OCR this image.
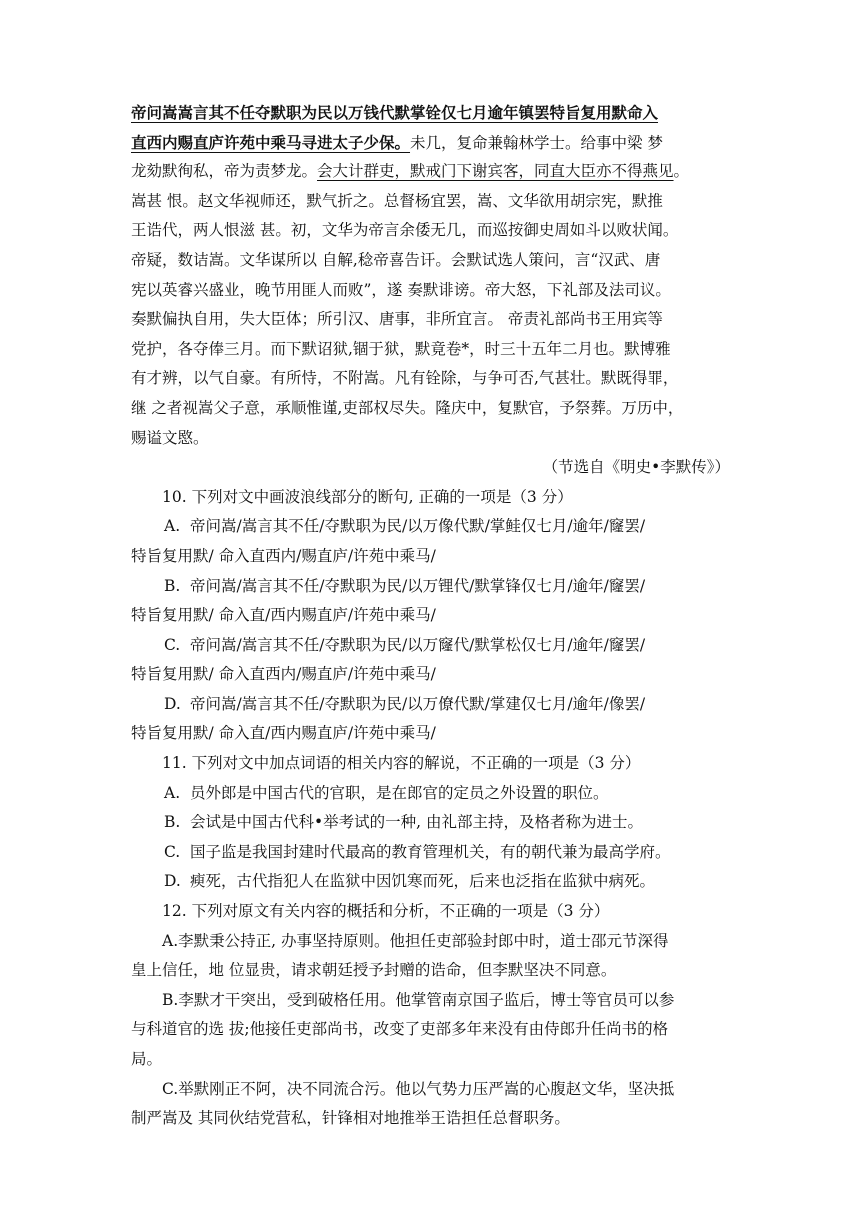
帝问嵩嵩言其不任夺默职为民以万钱代默掌铨仅七月逾年镇罢特旨复用默命入
直西内赐直庐许苑中乘马寻进太子少保。未几，复命兼翰林学士。给事中梁 梦
龙劾默徇私，帝为责梦龙。会大计群吏，默戒门下谢宾客，同直大臣亦不得燕见。
嵩甚 恨。赵文华视师还，默气折之。总督杨宜罢，嵩、文华欲用胡宗宪，默推
王诰代，两人恨滋 甚。初，文华为帝言余倭无几，而巡按御史周如斗以败状闻。
帝疑，数诘嵩。文华谋所以 自解,稔帝喜告讦。会默试选人策问，言“汉武、唐
宪以英睿兴盛业，晚节用匪人而败”，遂 奏默诽谤。帝大怒，下礼部及法司议。
奏默偏执自用，失大臣体；所引汉、唐事，非所宜言。 帝责礼部尚书王用宾等
党护，各夺俸三月。而下默诏狱,锢于狱，默竟卷*，时三十五年二月也。默博雅
有才辨，以气自豪。有所恃，不附嵩。凡有铨除，与争可否,气甚壮。默既得罪，
继 之者视嵩父子意，承顺惟谨,吏部权尽失。隆庆中，复默官，予祭葬。万历中，
赐谥文愍。
（节选自《明史•李默传》）
10. 下列对文中画波浪线部分的断句, 正确的一项是（3 分）
A. 帝问嵩/嵩言其不任/夺默职为民/以万像代默/掌鲑仅七月/逾年/窿罢/
特旨复用默/ 命入直西内/赐直庐/许苑中乘马/
B. 帝问嵩/嵩言其不任/夺默职为民/以万锂代/默掌锋仅七月/逾年/窿罢/
特旨复用默/ 命入直/西内赐直庐/许苑中乘马/
C. 帝问嵩/嵩言其不任/夺默职为民/以万窿代/默掌松仅七月/逾年/窿罢/
特旨复用默/ 命入直西内/赐直庐/许苑中乘马/
D. 帝问嵩/嵩言其不任/夺默职为民/以万僚代默/掌建仅七月/逾年/像罢/
特旨复用默/ 命入直/西内赐直庐/许苑中乘马/
11. 下列对文中加点词语的相关内容的解说，不正确的一项是（3 分）
A. 员外郎是中国古代的官职，是在郎官的定员之外设置的职位。
B. 会试是中国古代科•举考试的一种, 由礼部主持，及格者称为进士。
C. 国子监是我国封建时代最高的教育管理机关，有的朝代兼为最高学府。
D. 瘐死，古代指犯人在监狱中因饥寒而死，后来也泛指在监狱中病死。
12. 下列对原文有关内容的概括和分析，不正确的一项是（3 分）
A.李默秉公持正, 办事坚持原则。他担任吏部验封郎中时，道士邵元节深得
皇上信任，地 位显贵，请求朝廷授予封赠的诰命，但李默坚决不同意。
B.李默才干突出，受到破格任用。他掌管南京国子监后，博士等官员可以参
与科道官的选 拔;他接任吏部尚书，改变了吏部多年来没有由侍郎升任尚书的格
局。
C.举默刚正不阿，决不同流合污。他以气势力压严嵩的心腹赵文华，坚决抵
制严嵩及 其同伙结党营私，针锋相对地推举王诰担任总督职务。
